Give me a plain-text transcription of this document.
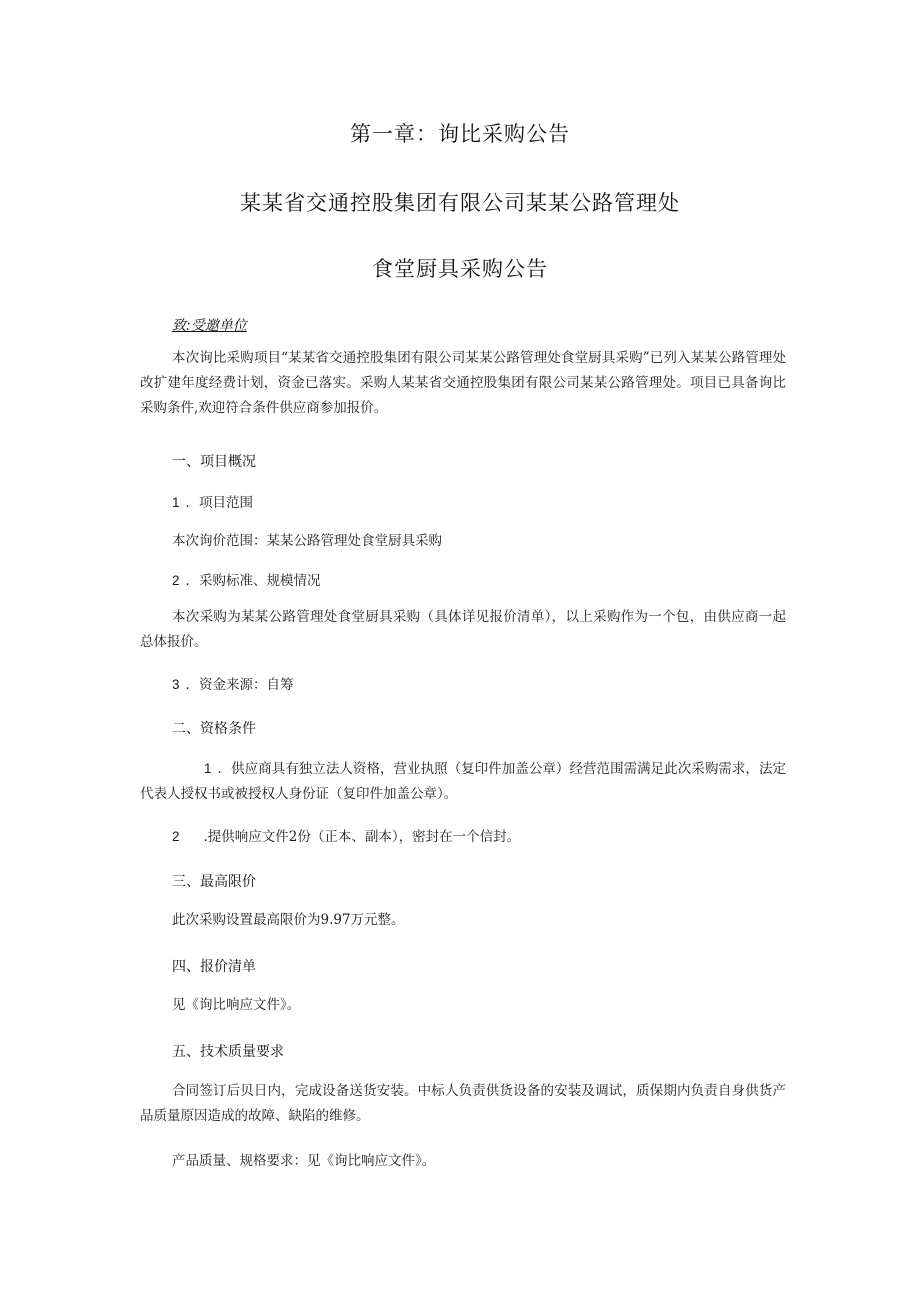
第一章：询比采购公告
某某省交通控股集团有限公司某某公路管理处
食堂厨具采购公告
致:受邀单位
本次询比采购项目“某某省交通控股集团有限公司某某公路管理处食堂厨具采购”已列入某某公路管理处改扩建年度经费计划，资金已落实。采购人某某省交通控股集团有限公司某某公路管理处。项目已具备询比采购条件,欢迎符合条件供应商参加报价。
一、项目概况
1 ．项目范围
本次询价范围：某某公路管理处食堂厨具采购
2 ．采购标准、规模情况
本次采购为某某公路管理处食堂厨具采购（具体详见报价清单），以上采购作为一个包，由供应商一起总体报价。
3 ．资金来源：自筹
二、资格条件
1 ．供应商具有独立法人资格，营业执照（复印件加盖公章）经营范围需满足此次采购需求，法定代表人授权书或被授权人身份证（复印件加盖公章）。
2 .提供响应文件2份（正本、副本），密封在一个信封。
三、最高限价
此次采购设置最高限价为9.97万元整。
四、报价清单
见《询比响应文件》。
五、技术质量要求
合同签订后贝日内，完成设备送货安装。中标人负责供货设备的安装及调试，质保期内负责自身供货产品质量原因造成的故障、缺陷的维修。
产品质量、规格要求：见《询比响应文件》。
